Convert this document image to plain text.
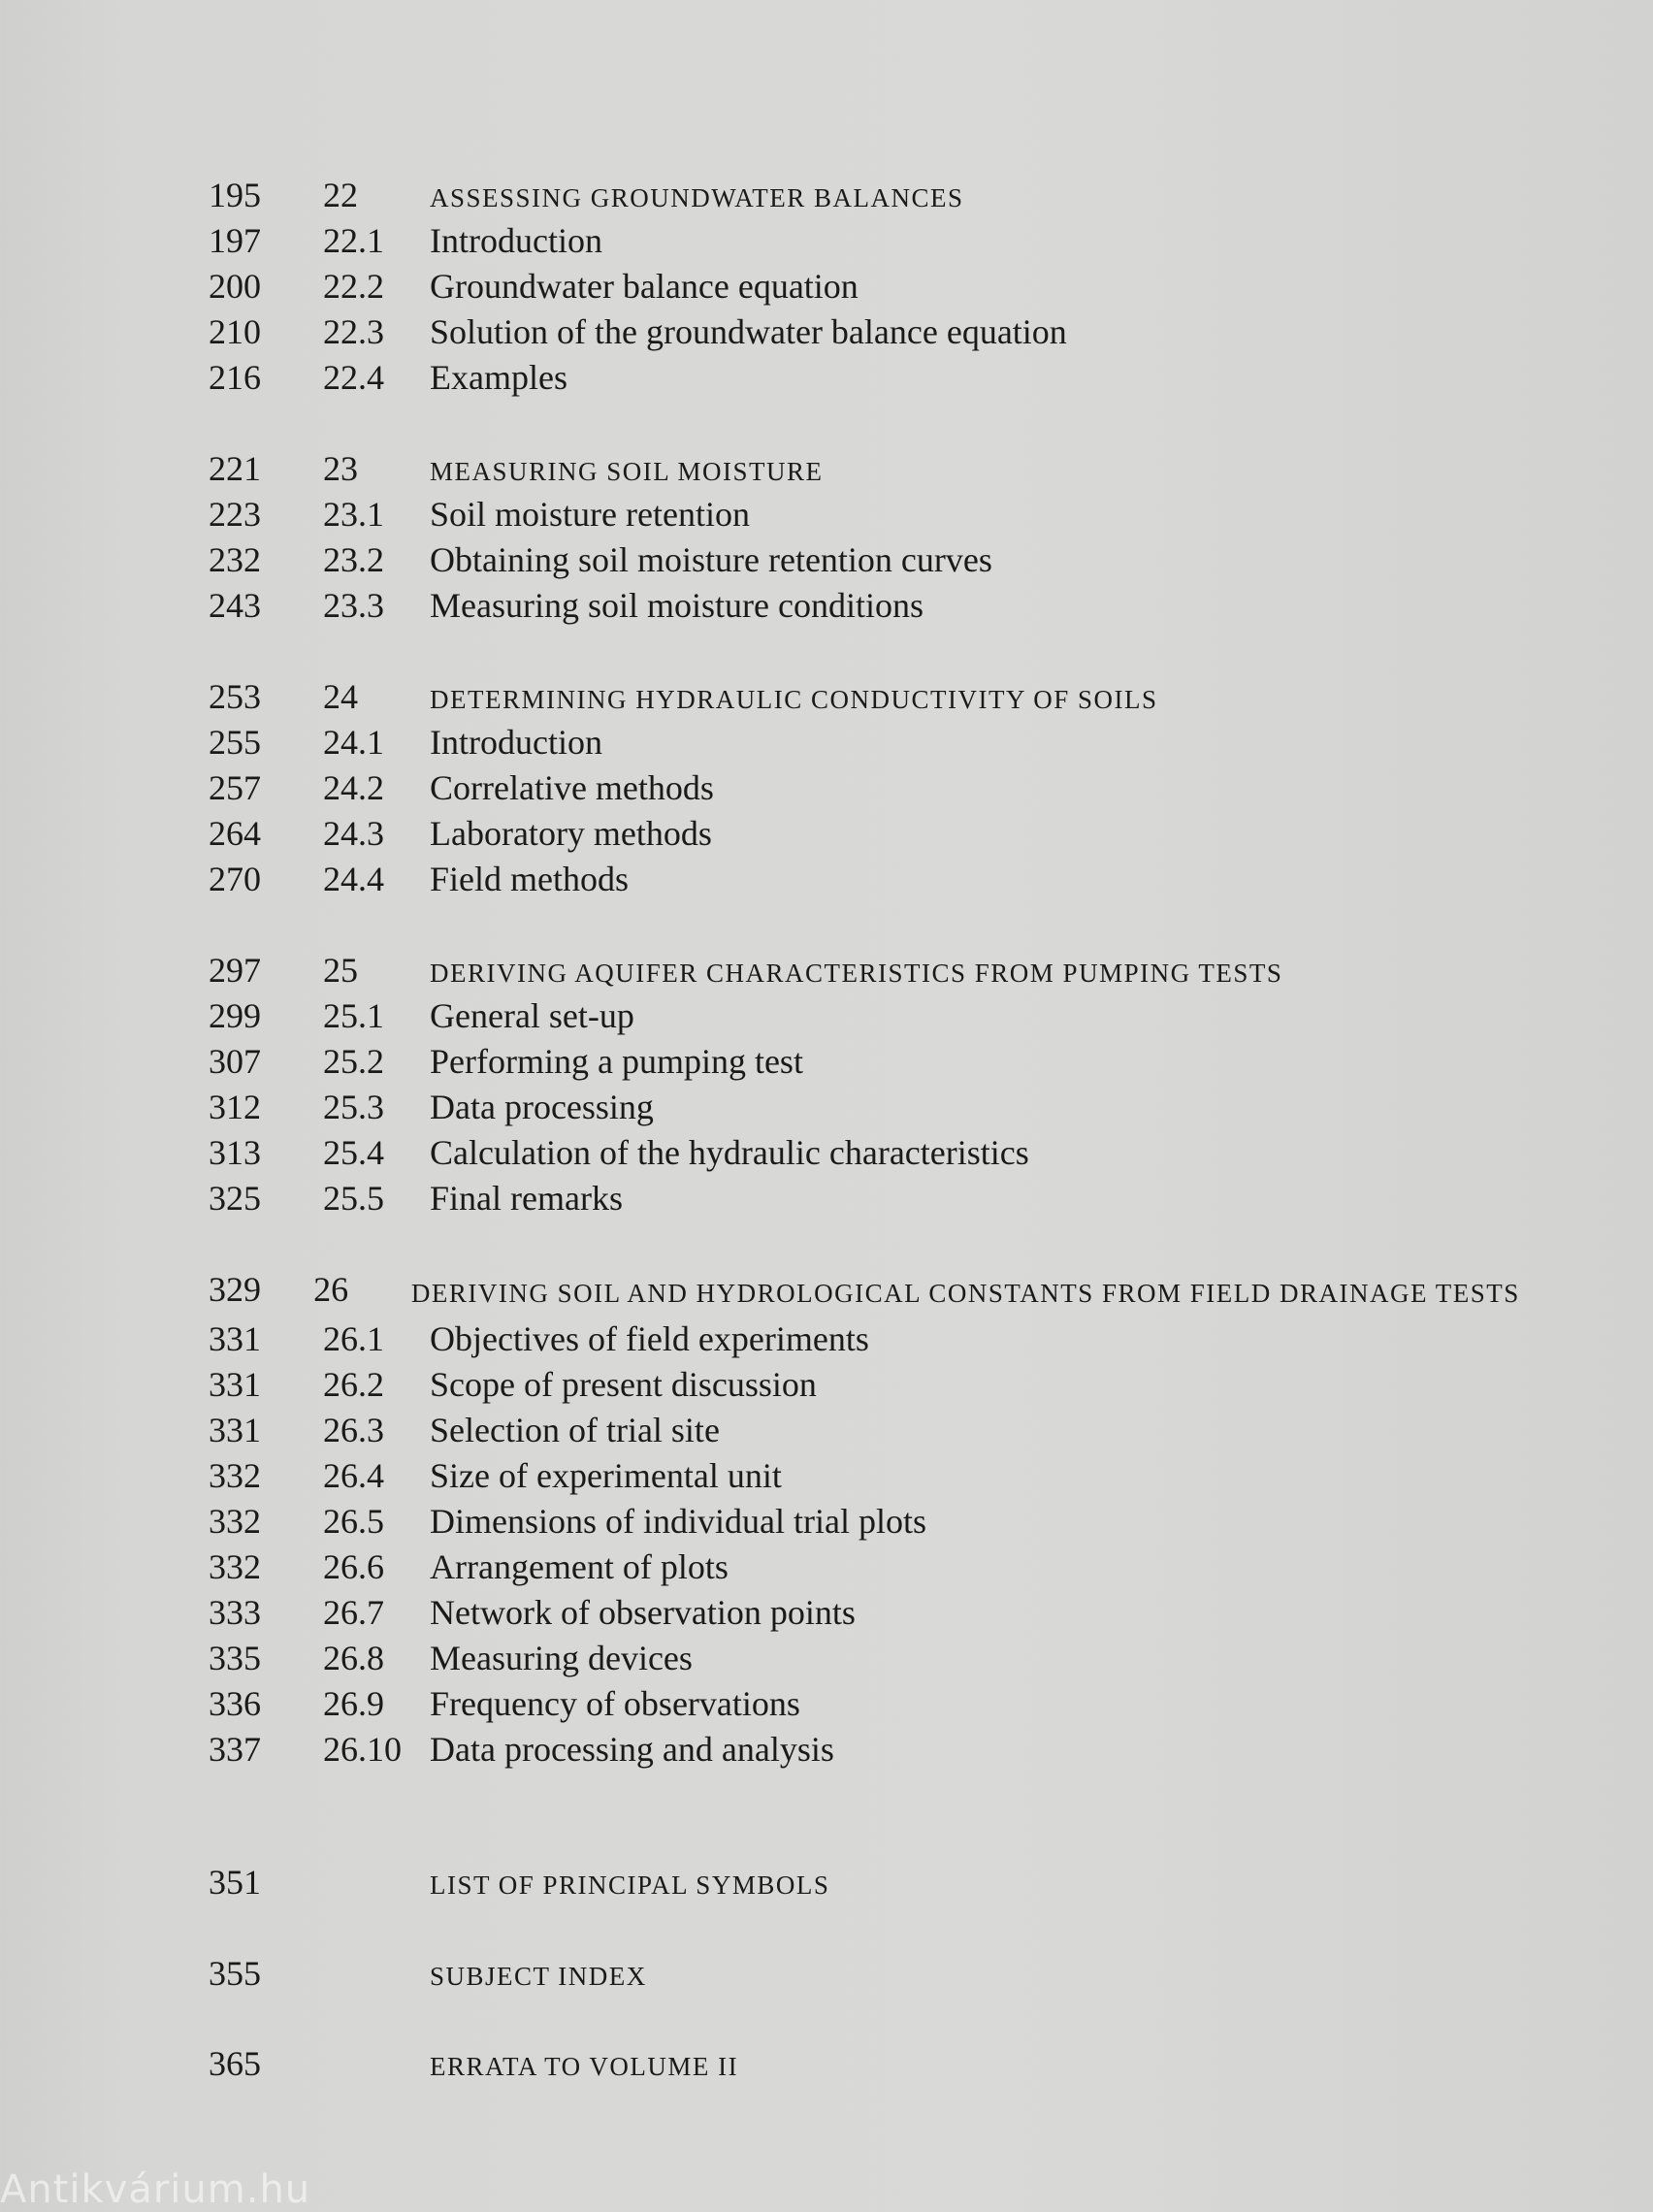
195	22	ASSESSING GROUNDWATER BALANCES
197	22.1	Introduction
200	22.2	Groundwater balance equation
210	22.3	Solution of the groundwater balance equation
216	22.4	Examples
221	23	MEASURING SOIL MOISTURE
223	23.1	Soil moisture retention
232	23.2	Obtaining soil moisture retention curves
243	23.3	Measuring soil moisture conditions
253	24	DETERMINING HYDRAULIC CONDUCTIVITY OF SOILS
255	24.1	Introduction
257	24.2	Correlative methods
264	24.3	Laboratory methods
270	24.4	Field methods
297	25	DERIVING AQUIFER CHARACTERISTICS FROM PUMPING TESTS
299	25.1	General set-up
307	25.2	Performing a pumping test
312	25.3	Data processing
313	25.4	Calculation of the hydraulic characteristics
325	25.5	Final remarks
329	26	DERIVING SOIL AND HYDROLOGICAL CONSTANTS FROM FIELD DRAINAGE TESTS
331	26.1	Objectives of field experiments
331	26.2	Scope of present discussion
331	26.3	Selection of trial site
332	26.4	Size of experimental unit
332	26.5	Dimensions of individual trial plots
332	26.6	Arrangement of plots
333	26.7	Network of observation points
335	26.8	Measuring devices
336	26.9	Frequency of observations
337	26.10 Data processing and analysis
351	LIST OF PRINCIPAL SYMBOLS
355	SUBJECT INDEX
365	ERRATA TO VOLUME II
Antikvárium.hu
